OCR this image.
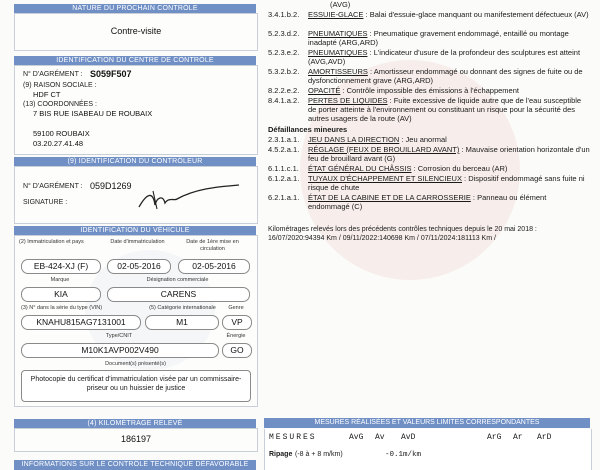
NATURE DU PROCHAIN CONTRÔLE
Contre-visite
IDENTIFICATION DU CENTRE DE CONTRÔLE
N° D'AGRÉMENT : S059F507
(9) RAISON SOCIALE :
HDF CT
(13) COORDONNÉES :
7 BIS RUE ISABEAU DE ROUBAIX
59100 ROUBAIX
03.20.27.41.48
(9) IDENTIFICATION DU CONTRÔLEUR
N° D'AGRÉMENT : 059D1269
SIGNATURE :
IDENTIFICATION DU VÉHICULE
(2) Immatriculation et pays	Date d'immatriculation	Date de 1ère mise en circulation
EB-424-XJ (F)	02-05-2016	02-05-2016
Marque	Désignation commerciale
KIA	CARENS
(3) N° dans la série du type (VIN)	(5) Catégorie internationale	Genre
KNAHU815AG7131001	M1	VP
Type/CNIT	Énergie
M10K1AVP002V490	GO
Document(s) présenté(s)
Photocopie du certificat d'immatriculation visée par un commissaire-priseur ou un huissier de justice
(4) KILOMÉTRAGE RELEVÉ
186197
INFORMATIONS SUR LE CONTRÔLE TECHNIQUE DÉFAVORABLE
(AVG)
3.4.1.b.2. ESSUIE-GLACE : Balai d'essuie-glace manquant ou manifestement défectueux (AV)
5.2.3.d.2. PNEUMATIQUES : Pneumatique gravement endommagé, entaillé ou montage inadapté (ARG,ARD)
5.2.3.e.2. PNEUMATIQUES : L'indicateur d'usure de la profondeur des sculptures est atteint (AVG,AVD)
5.3.2.b.2. AMORTISSEURS : Amortisseur endommagé ou donnant des signes de fuite ou de dysfonctionnement grave (ARG,ARD)
8.2.2.e.2. OPACITÉ : Contrôle impossible des émissions à l'échappement
8.4.1.a.2. PERTES DE LIQUIDES : Fuite excessive de liquide autre que de l'eau susceptible de porter atteinte à l'environnement ou constituant un risque pour la sécurité des autres usagers de la route (AV)
Défaillances mineures
2.3.1.a.1. JEU DANS LA DIRECTION : Jeu anormal
4.5.2.a.1. RÉGLAGE (FEUX DE BROUILLARD AVANT) : Mauvaise orientation horizontale d'un feu de brouillard avant (G)
6.1.1.c.1. ÉTAT GÉNÉRAL DU CHÂSSIS : Corrosion du berceau (AR)
6.1.2.a.1. TUYAUX D'ÉCHAPPEMENT ET SILENCIEUX : Dispositif endommagé sans fuite ni risque de chute
6.2.1.a.1. ÉTAT DE LA CABINE ET DE LA CARROSSERIE : Panneau ou élément endommagé (C)
Kilométrages relevés lors des précédents contrôles techniques depuis le 20 mai 2018 : 16/07/2020:94394 Km / 09/11/2022:140698 Km / 07/11/2024:181113 Km /
MESURES RÉALISÉES ET VALEURS LIMITES CORRESPONDANTES
MESURES	AvG Av AvD	ArG Ar ArD
Ripage (-8 à + 8 m/km)	-0.1m/km
